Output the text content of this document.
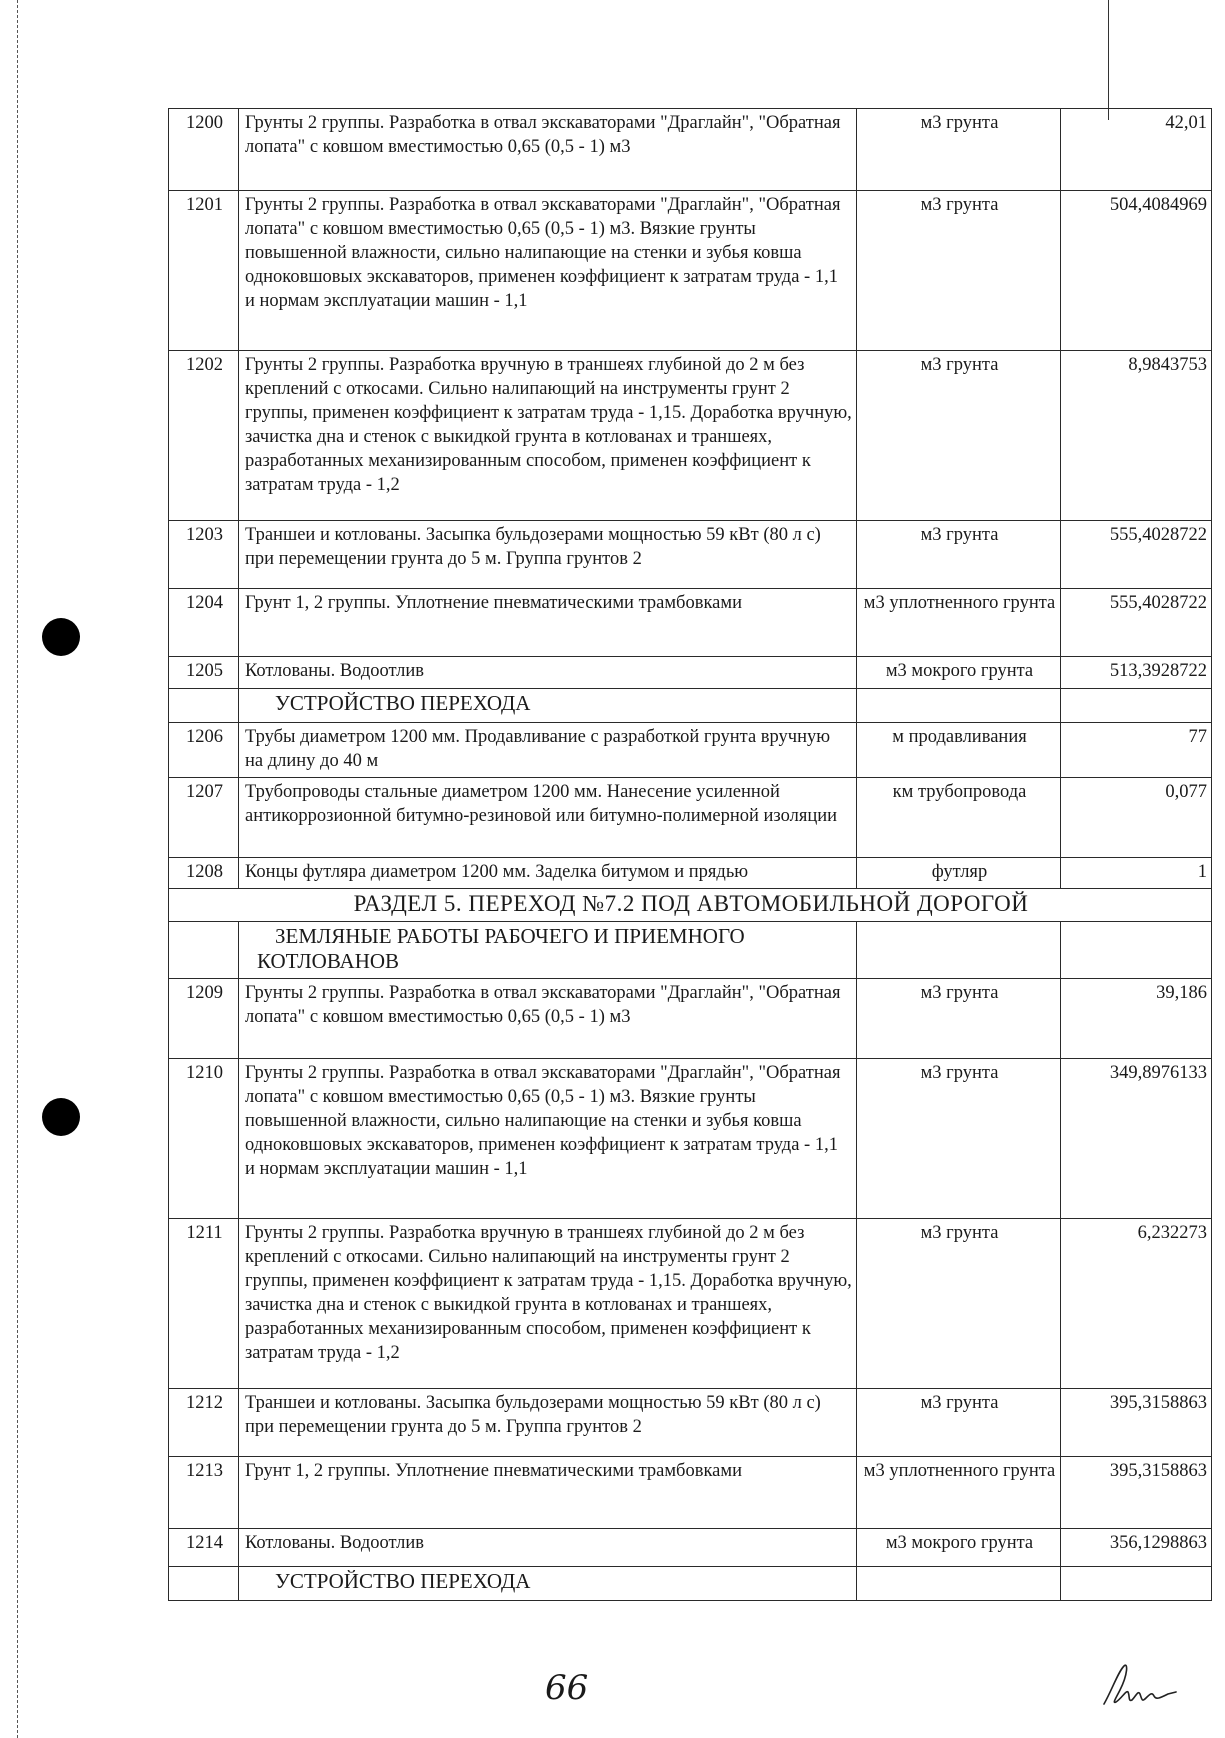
1200	Грунты 2 группы. Разработка в отвал экскаваторами "Драглайн", "Обратная лопата" с ковшом вместимостью 0,65 (0,5 - 1) м3	м3 грунта	42,01
1201	Грунты 2 группы. Разработка в отвал экскаваторами "Драглайн", "Обратная лопата" с ковшом вместимостью 0,65 (0,5 - 1) м3. Вязкие грунты повышенной влажности, сильно налипающие на стенки и зубья ковша одноковшовых экскаваторов, применен коэффициент к затратам труда - 1,1 и нормам эксплуатации машин - 1,1	м3 грунта	504,4084969
1202	Грунты 2 группы. Разработка вручную в траншеях глубиной до 2 м без креплений с откосами. Сильно налипающий на инструменты грунт 2 группы, применен коэффициент к затратам труда - 1,15. Доработка вручную, зачистка дна и стенок с выкидкой грунта в котлованах и траншеях, разработанных механизированным способом, применен коэффициент к затратам труда - 1,2	м3 грунта	8,9843753
1203	Траншеи и котлованы. Засыпка бульдозерами мощностью 59 кВт (80 л с) при перемещении грунта до 5 м. Группа грунтов 2	м3 грунта	555,4028722
1204	Грунт 1, 2 группы. Уплотнение пневматическими трамбовками	м3 уплотненного грунта	555,4028722
1205	Котлованы. Водоотлив	м3 мокрого грунта	513,3928722

	УСТРОЙСТВО ПЕРЕХОДА		

1206	Трубы диаметром 1200 мм. Продавливание с разработкой грунта вручную на длину до 40 м	м продавливания	77
1207	Трубопроводы стальные диаметром 1200 мм. Нанесение усиленной антикоррозионной битумно-резиновой или битумно-полимерной изоляции	км трубопровода	0,077
1208	Концы футляра диаметром 1200 мм. Заделка битумом и прядью	футляр	1
РАЗДЕЛ 5. ПЕРЕХОД №7.2 ПОД АВТОМОБИЛЬНОЙ ДОРОГОЙ			

	ЗЕМЛЯНЫЕ РАБОТЫ РАБОЧЕГО И ПРИЕМНОГО
КОТЛОВАНОВ		

1209	Грунты 2 группы. Разработка в отвал экскаваторами "Драглайн", "Обратная лопата" с ковшом вместимостью 0,65 (0,5 - 1) м3	м3 грунта	39,186
1210	Грунты 2 группы. Разработка в отвал экскаваторами "Драглайн", "Обратная лопата" с ковшом вместимостью 0,65 (0,5 - 1) м3. Вязкие грунты повышенной влажности, сильно налипающие на стенки и зубья ковша одноковшовых экскаваторов, применен коэффициент к затратам труда - 1,1 и нормам эксплуатации машин - 1,1	м3 грунта	349,8976133
1211	Грунты 2 группы. Разработка вручную в траншеях глубиной до 2 м без креплений с откосами. Сильно налипающий на инструменты грунт 2 группы, применен коэффициент к затратам труда - 1,15. Доработка вручную, зачистка дна и стенок с выкидкой грунта в котлованах и траншеях, разработанных механизированным способом, применен коэффициент к затратам труда - 1,2	м3 грунта	6,232273
1212	Траншеи и котлованы. Засыпка бульдозерами мощностью 59 кВт (80 л с) при перемещении грунта до 5 м. Группа грунтов 2	м3 грунта	395,3158863
1213	Грунт 1, 2 группы. Уплотнение пневматическими трамбовками	м3 уплотненного грунта	395,3158863
1214	Котлованы. Водоотлив	м3 мокрого грунта	356,1298863

	УСТРОЙСТВО ПЕРЕХОДА		

66
